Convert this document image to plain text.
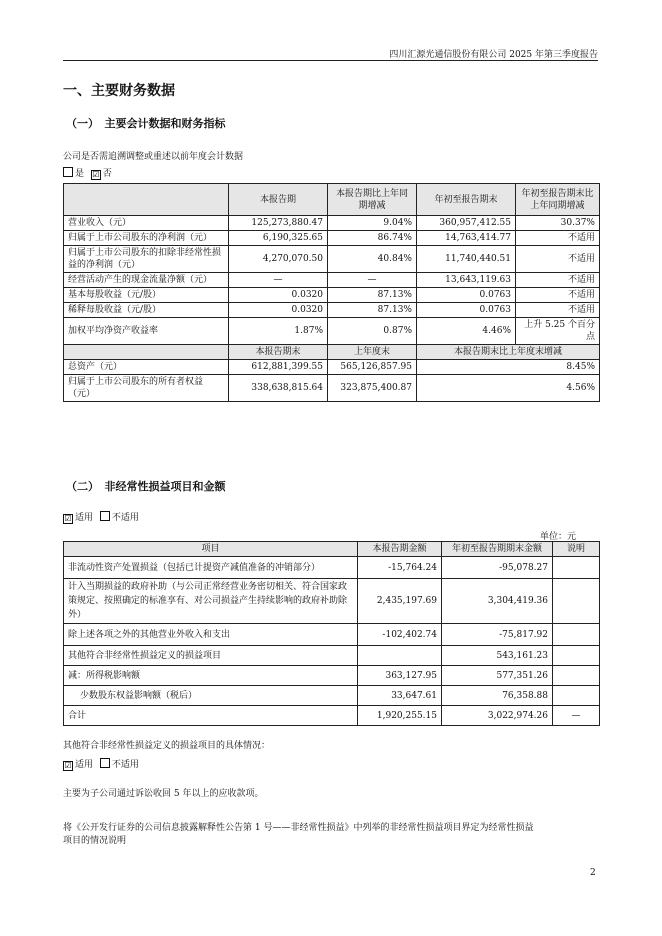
四川汇源光通信股份有限公司 2025 年第三季度报告
一、主要财务数据
（一）　主要会计数据和财务指标
公司是否需追溯调整或重述以前年度会计数据
是 ☑ 否
	本报告期	本报告期比上年同期增减	年初至报告期末	年初至报告期末比上年同期增减
营业收入（元）	125,273,880.47	9.04%	360,957,412.55	30.37%
归属于上市公司股东的净利润（元）	6,190,325.65	86.74%	14,763,414.77	不适用
归属于上市公司股东的扣除非经常性损益的净利润（元）	4,270,070.50	40.84%	11,740,440.51	不适用
经营活动产生的现金流量净额（元）	—	—	13,643,119.63	不适用
基本每股收益（元/股）	0.0320	87.13%	0.0763	不适用
稀释每股收益（元/股）	0.0320	87.13%	0.0763	不适用
加权平均净资产收益率	1.87%	0.87%	4.46%	上升 5.25 个百分点
	本报告期末	上年度末	本报告期末比上年度末增减	
总资产（元）	612,881,399.55	565,126,857.95	8.45%	
归属于上市公司股东的所有者权益（元）	338,638,815.64	323,875,400.87	4.56%	
（二）　非经常性损益项目和金额
☑ 适用 不适用
单位：元
项目	本报告期金额	年初至报告期期末金额	说明
非流动性资产处置损益（包括已计提资产减值准备的冲销部分）	-15,764.24	-95,078.27	
计入当期损益的政府补助（与公司正常经营业务密切相关、符合国家政策规定、按照确定的标准享有、对公司损益产生持续影响的政府补助除外）	2,435,197.69	3,304,419.36	
除上述各项之外的其他营业外收入和支出	-102,402.74	-75,817.92	
其他符合非经常性损益定义的损益项目		543,161.23	
减：所得税影响额	363,127.95	577,351.26	
少数股东权益影响额（税后）	33,647.61	76,358.88	
合计	1,920,255.15	3,022,974.26	—
其他符合非经常性损益定义的损益项目的具体情况：
☑ 适用 不适用
主要为子公司通过诉讼收回 5 年以上的应收款项。
将《公开发行证券的公司信息披露解释性公告第 1 号——非经常性损益》中列举的非经常性损益项目界定为经常性损益
项目的情况说明
2
